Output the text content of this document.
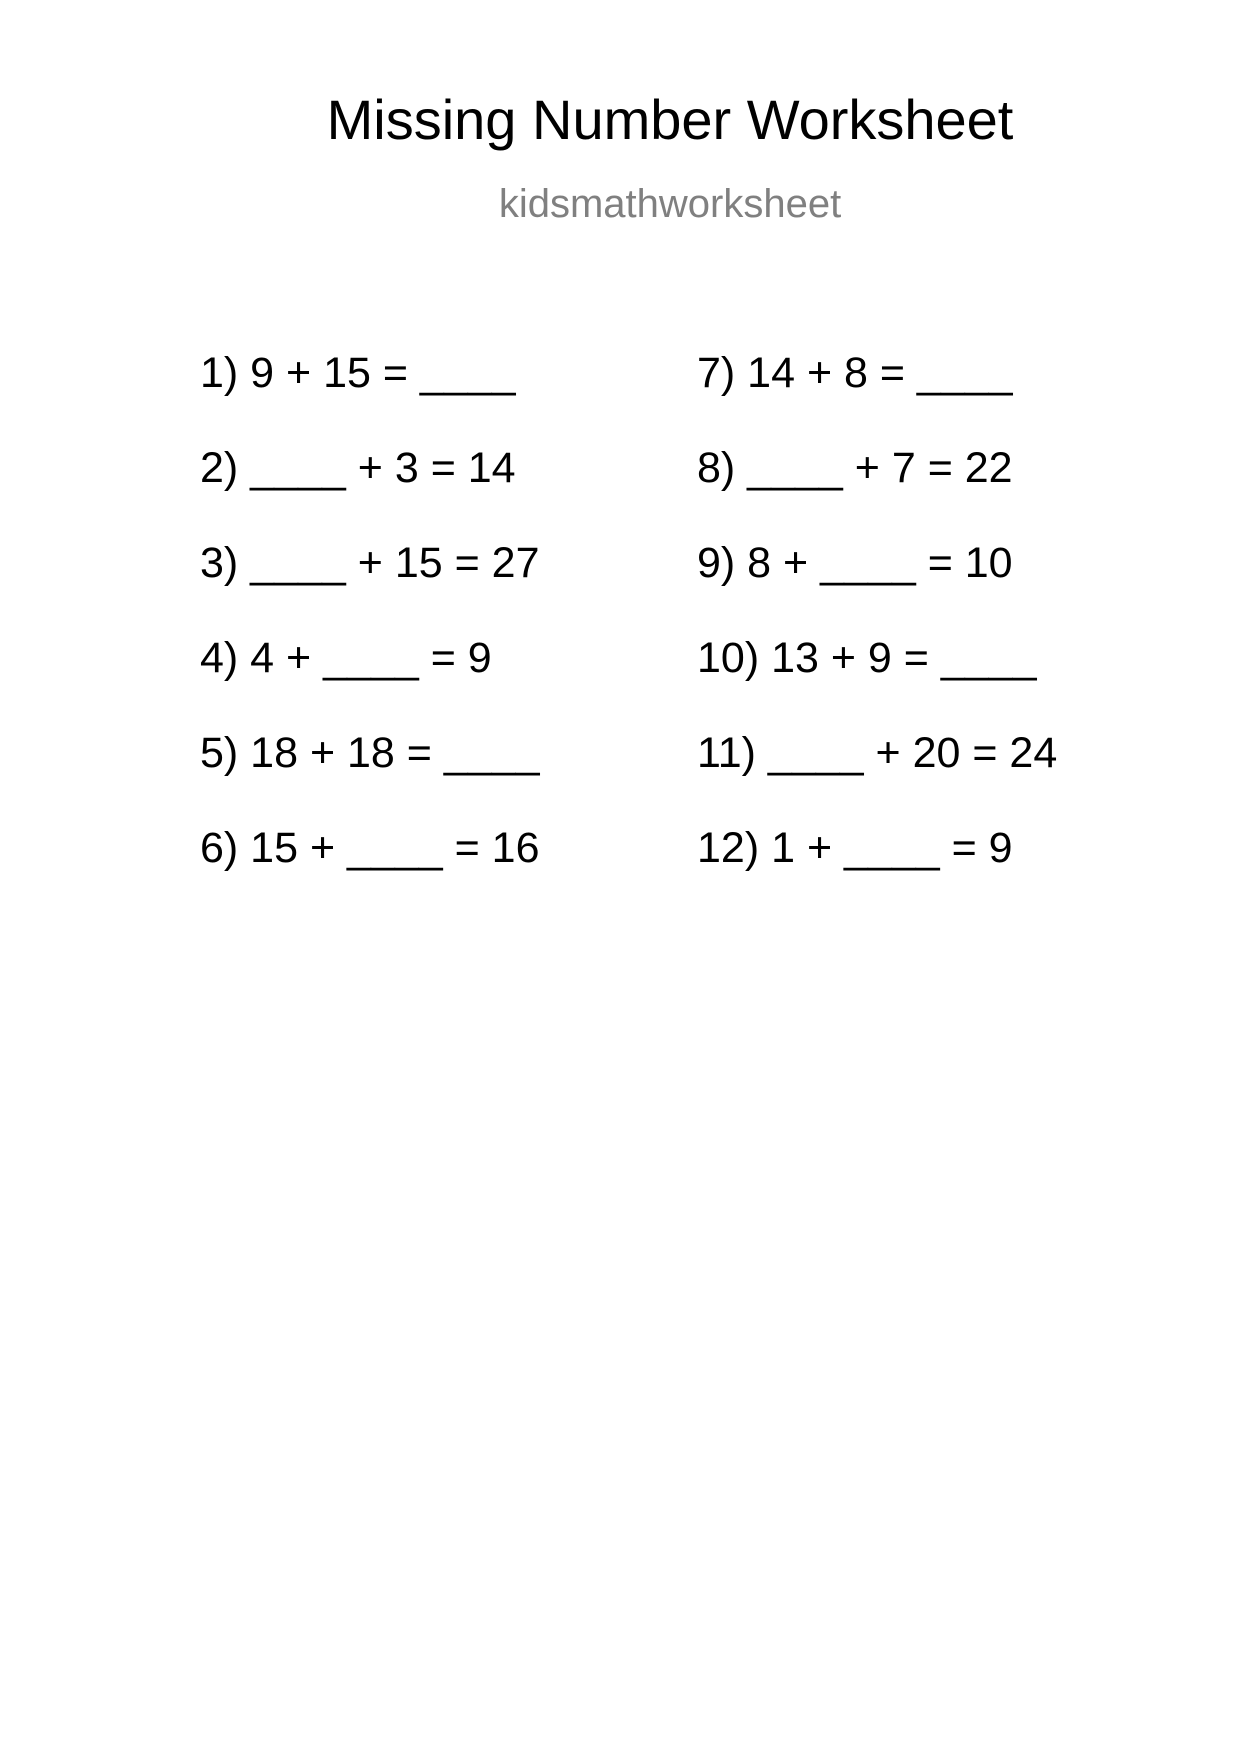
Missing Number Worksheet
kidsmathworksheet
1) 9 + 15 = ____
2) ____ + 3 = 14
3) ____ + 15 = 27
4) 4 + ____ = 9
5) 18 + 18 = ____
6) 15 + ____ = 16
7) 14 + 8 = ____
8) ____ + 7 = 22
9) 8 + ____ = 10
10) 13 + 9 = ____
11) ____ + 20 = 24
12) 1 + ____ = 9
